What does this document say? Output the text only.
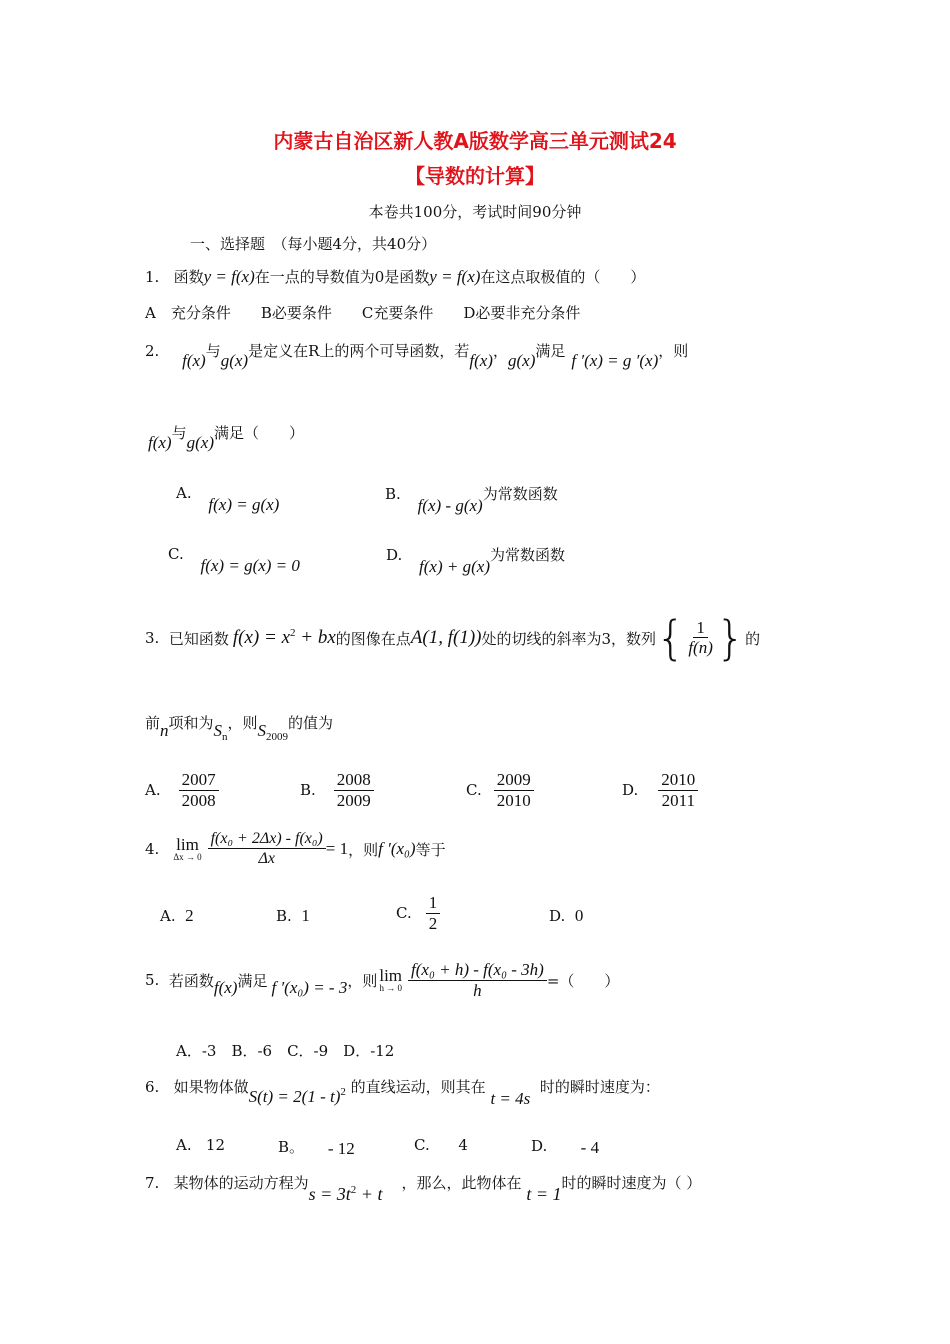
内蒙古自治区新人教A版数学高三单元测试24
【导数的计算】
本卷共100分，考试时间90分钟
一、选择题　（每小题4分，共40分）
1. 函数y = f(x)在一点的导数值为0是函数y = f(x)在这点取极值的（　　）
A　充分条件　　B必要条件　　C充要条件　　D必要非充分条件
2. f(x)与g(x)是定义在R上的两个可导函数，若f(x)，g(x)满足 f ′(x) = g ′(x)，则
f(x)与g(x)满足（　　）
A. f(x) = g(x)
B. f(x) - g(x)为常数函数
C. f(x) = g(x) = 0
D. f(x) + g(x)为常数函数
3.
已知函数 $f(x) = x^2$ + bx 的图像在点 A(1, f(1)) 处的切线的斜率为3，数列 { $\frac{1}{f(n)}$ } 的
前n项和为$S_n$，则$S_{2009}$的值为
A. $\frac{2007}{2008}$	B. $\frac{2008}{2009}$	C. $\frac{2009}{2010}$	D. $\frac{2010}{2011}$
4. lim
$\Delta x \to 0 \frac{\text{f(x₀ + 2Δx) - f(x₀)}}{\Delta x} = 1$ ，则 f ′(x₀) 等于
A. 2	B. 1	C. $\frac{1}{2}$	D. 0
5.
若函数 f(x) 满足 f ′(x₀) = - 3 ，则 lim
$h \to 0 \frac{\text{f(x₀ + h) - f(x₀ - 3h)}}{h}$ =（　　）
A．-3　B．-6　C．-9　D．-12
6. 如果物体做S(t) = 2(1 - t)$^2$ 的直线运动，则其在 t = 4s  时的瞬时速度为：
A. 12	B。 - 12	C. 4	D. - 4
7. 某物体的运动方程为$s = 3t^2 + t$    ，那么，此物体在 t = 1时的瞬时速度为（ ）
